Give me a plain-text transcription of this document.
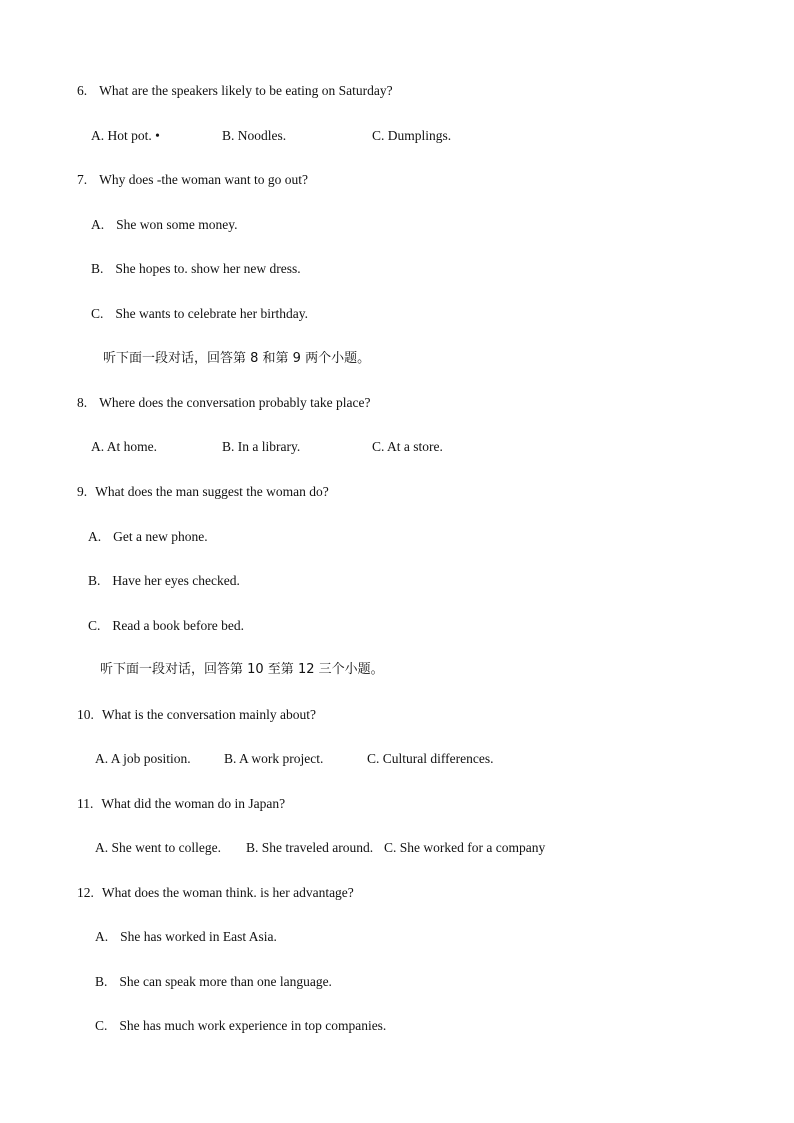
6. What are the speakers likely to be eating on Saturday?
A. Hot pot. •	B. Noodles.	C. Dumplings.
7. Why does -the woman want to go out?
A. She won some money.
B. She hopes to. show her new dress.
C. She wants to celebrate her birthday.
听下面一段对话，回答第 8 和第 9 两个小题。
8. Where does the conversation probably take place?
A. At home.	B. In a library.	C. At a store.
9. What does the man suggest the woman do?
A. Get a new phone.
B. Have her eyes checked.
C. Read a book before bed.
听下面一段对话，回答第 10 至第 12 三个小题。
10. What is the conversation mainly about?
A. A job position. B. A work project.	C. Cultural differences.
11. What did the woman do in Japan?
A. She went to college. B. She traveled around. C. She worked for a company
12. What does the woman think. is her advantage?
A. She has worked in East Asia.
B. She can speak more than one language.
C. She has much work experience in top companies.
